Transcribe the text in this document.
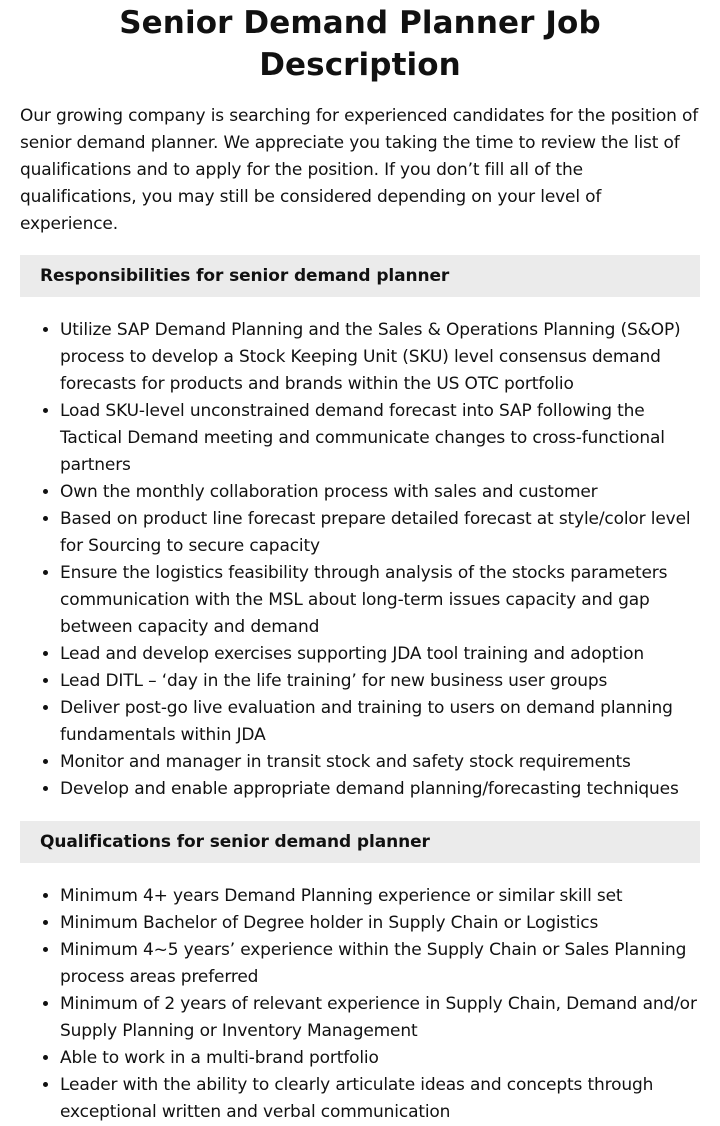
Senior Demand Planner Job Description

Our growing company is searching for experienced candidates for the position of senior demand planner. We appreciate you taking the time to review the list of qualifications and to apply for the position. If you don’t fill all of the qualifications, you may still be considered depending on your level of experience.

Responsibilities for senior demand planner
• Utilize SAP Demand Planning and the Sales & Operations Planning (S&OP) process to develop a Stock Keeping Unit (SKU) level consensus demand forecasts for products and brands within the US OTC portfolio
• Load SKU-level unconstrained demand forecast into SAP following the Tactical Demand meeting and communicate changes to cross-functional partners
• Own the monthly collaboration process with sales and customer
• Based on product line forecast prepare detailed forecast at style/color level for Sourcing to secure capacity
• Ensure the logistics feasibility through analysis of the stocks parameters communication with the MSL about long-term issues capacity and gap between capacity and demand
• Lead and develop exercises supporting JDA tool training and adoption
• Lead DITL – ‘day in the life training’ for new business user groups
• Deliver post-go live evaluation and training to users on demand planning fundamentals within JDA
• Monitor and manager in transit stock and safety stock requirements
• Develop and enable appropriate demand planning/forecasting techniques
Qualifications for senior demand planner
• Minimum 4+ years Demand Planning experience or similar skill set
• Minimum Bachelor of Degree holder in Supply Chain or Logistics
• Minimum 4~5 years’ experience within the Supply Chain or Sales Planning process areas preferred
• Minimum of 2 years of relevant experience in Supply Chain, Demand and/or Supply Planning or Inventory Management
• Able to work in a multi-brand portfolio
• Leader with the ability to clearly articulate ideas and concepts through exceptional written and verbal communication
